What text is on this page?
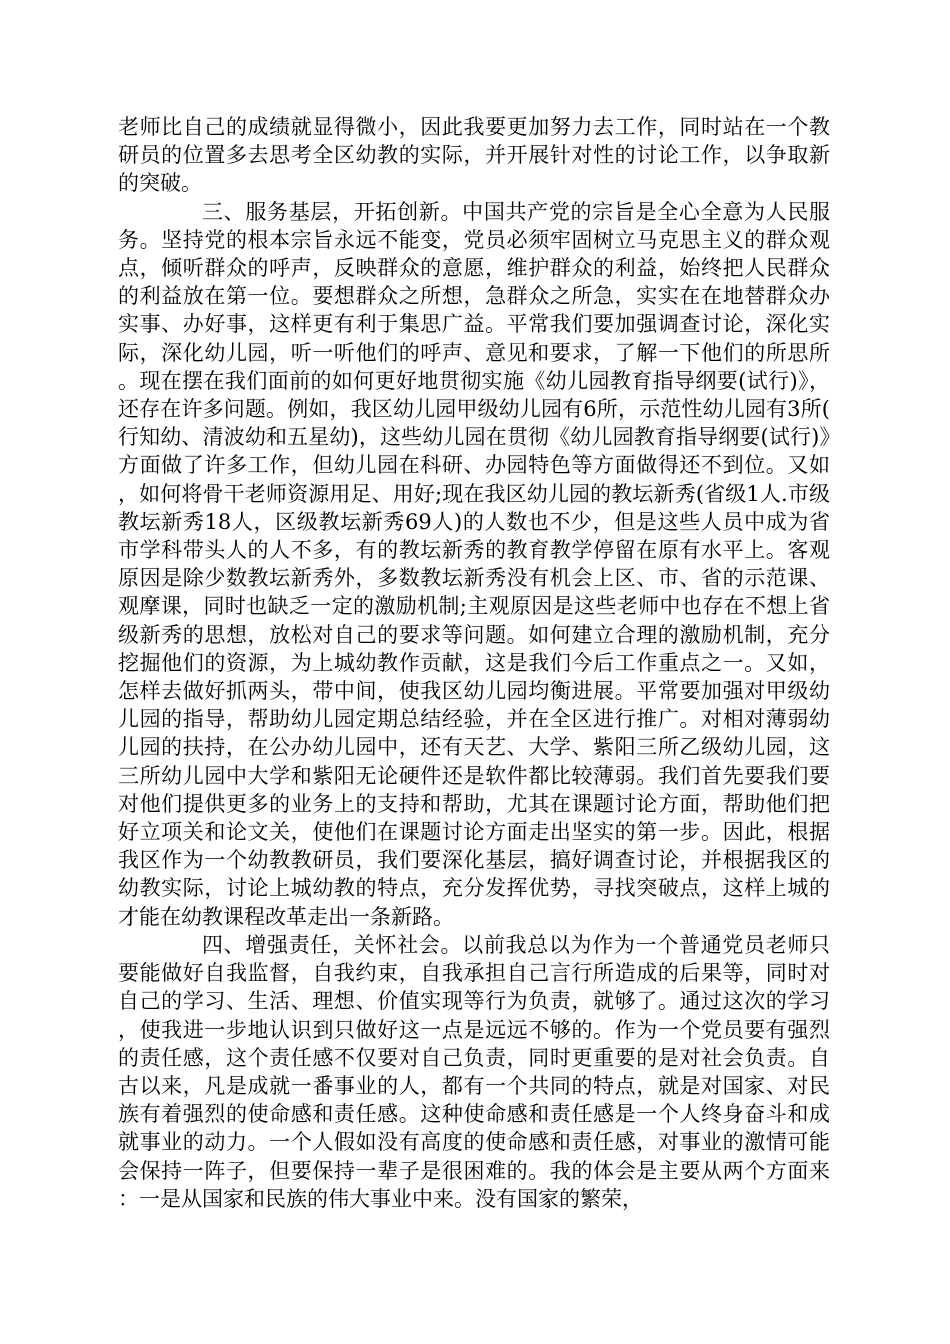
老师比自己的成绩就显得微小，因此我要更加努力去工作，同时站在一个教研员的位置多去思考全区幼教的实际，并开展针对性的讨论工作，以争取新的突破。

三、服务基层，开拓创新。中国共产党的宗旨是全心全意为人民服务。坚持党的根本宗旨永远不能变，党员必须牢固树立马克思主义的群众观点，倾听群众的呼声，反映群众的意愿，维护群众的利益，始终把人民群众的利益放在第一位。要想群众之所想，急群众之所急，实实在在地替群众办实事、办好事，这样更有利于集思广益。平常我们要加强调查讨论，深化实际，深化幼儿园，听一听他们的呼声、意见和要求，了解一下他们的所思所。现在摆在我们面前的如何更好地贯彻实施《幼儿园教育指导纲要(试行)》，还存在许多问题。例如，我区幼儿园甲级幼儿园有6所，示范性幼儿园有3所(行知幼、清波幼和五星幼)，这些幼儿园在贯彻《幼儿园教育指导纲要(试行)》方面做了许多工作，但幼儿园在科研、办园特色等方面做得还不到位。又如，如何将骨干老师资源用足、用好;现在我区幼儿园的教坛新秀(省级1人.市级教坛新秀18人，区级教坛新秀69人)的人数也不少，但是这些人员中成为省市学科带头人的人不多，有的教坛新秀的教育教学停留在原有水平上。客观原因是除少数教坛新秀外，多数教坛新秀没有机会上区、市、省的示范课、观摩课，同时也缺乏一定的激励机制;主观原因是这些老师中也存在不想上省级新秀的思想，放松对自己的要求等问题。如何建立合理的激励机制，充分挖掘他们的资源，为上城幼教作贡献，这是我们今后工作重点之一。又如，怎样去做好抓两头，带中间，使我区幼儿园均衡进展。平常要加强对甲级幼儿园的指导，帮助幼儿园定期总结经验，并在全区进行推广。对相对薄弱幼儿园的扶持，在公办幼儿园中，还有天艺、大学、紫阳三所乙级幼儿园，这三所幼儿园中大学和紫阳无论硬件还是软件都比较薄弱。我们首先要我们要对他们提供更多的业务上的支持和帮助，尤其在课题讨论方面，帮助他们把好立项关和论文关，使他们在课题讨论方面走出坚实的第一步。因此，根据我区作为一个幼教教研员，我们要深化基层，搞好调查讨论，并根据我区的幼教实际，讨论上城幼教的特点，充分发挥优势，寻找突破点，这样上城的才能在幼教课程改革走出一条新路。

四、增强责任，关怀社会。以前我总以为作为一个普通党员老师只要能做好自我监督，自我约束，自我承担自己言行所造成的后果等，同时对自己的学习、生活、理想、价值实现等行为负责，就够了。通过这次的学习，使我进一步地认识到只做好这一点是远远不够的。作为一个党员要有强烈的责任感，这个责任感不仅要对自己负责，同时更重要的是对社会负责。自古以来，凡是成就一番事业的人，都有一个共同的特点，就是对国家、对民族有着强烈的使命感和责任感。这种使命感和责任感是一个人终身奋斗和成就事业的动力。一个人假如没有高度的使命感和责任感，对事业的激情可能会保持一阵子，但要保持一辈子是很困难的。我的体会是主要从两个方面来：一是从国家和民族的伟大事业中来。没有国家的繁荣，
